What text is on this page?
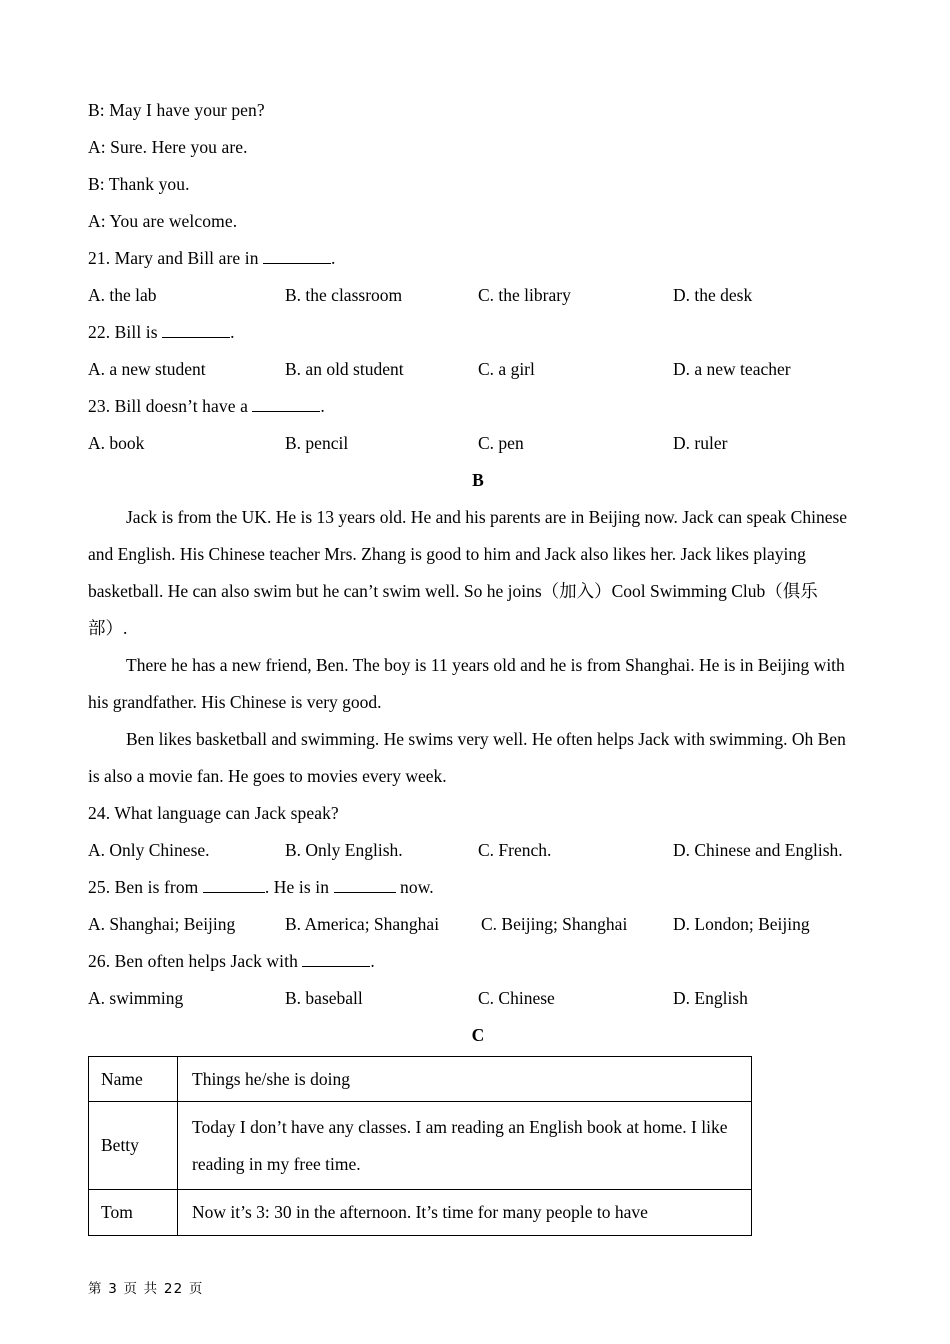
B: May I have your pen?
A: Sure. Here you are.
B: Thank you.
A: You are welcome.
21. Mary and Bill are in	.
A. the lab	B. the classroom	C. the library	D. the desk
22. Bill is	.
A. a new student	B. an old student	C. a girl	D. a new teacher
23. Bill doesn’t have a	.
A. book	B. pencil	C. pen	D. ruler
B
Jack is from the UK. He is 13 years old. He and his parents are in Beijing now. Jack can speak Chinese and English. His Chinese teacher Mrs. Zhang is good to him and Jack also likes her. Jack likes playing basketball. He can also swim but he can’t swim well. So he joins（加入）Cool Swimming Club（俱乐部）.
There he has a new friend, Ben. The boy is 11 years old and he is from Shanghai. He is in Beijing with his grandfather. His Chinese is very good.
Ben likes basketball and swimming. He swims very well. He often helps Jack with swimming. Oh Ben is also a movie fan. He goes to movies every week.
24. What language can Jack speak?
A. Only Chinese.	B. Only English.	C. French.	D. Chinese and English.
25. Ben is from	. He is in	now.
A. Shanghai; Beijing	B. America; Shanghai C. Beijing; Shanghai	D. London; Beijing
26. Ben often helps Jack with	.
A. swimming	B. baseball	C. Chinese	D. English
C
Name	Things he/she is doing
Betty	Today I don’t have any classes. I am reading an English book at home. I like reading in my free time.
Tom	Now it’s 3: 30 in the afternoon. It’s time for many people to have
第 3 页 共 22 页
